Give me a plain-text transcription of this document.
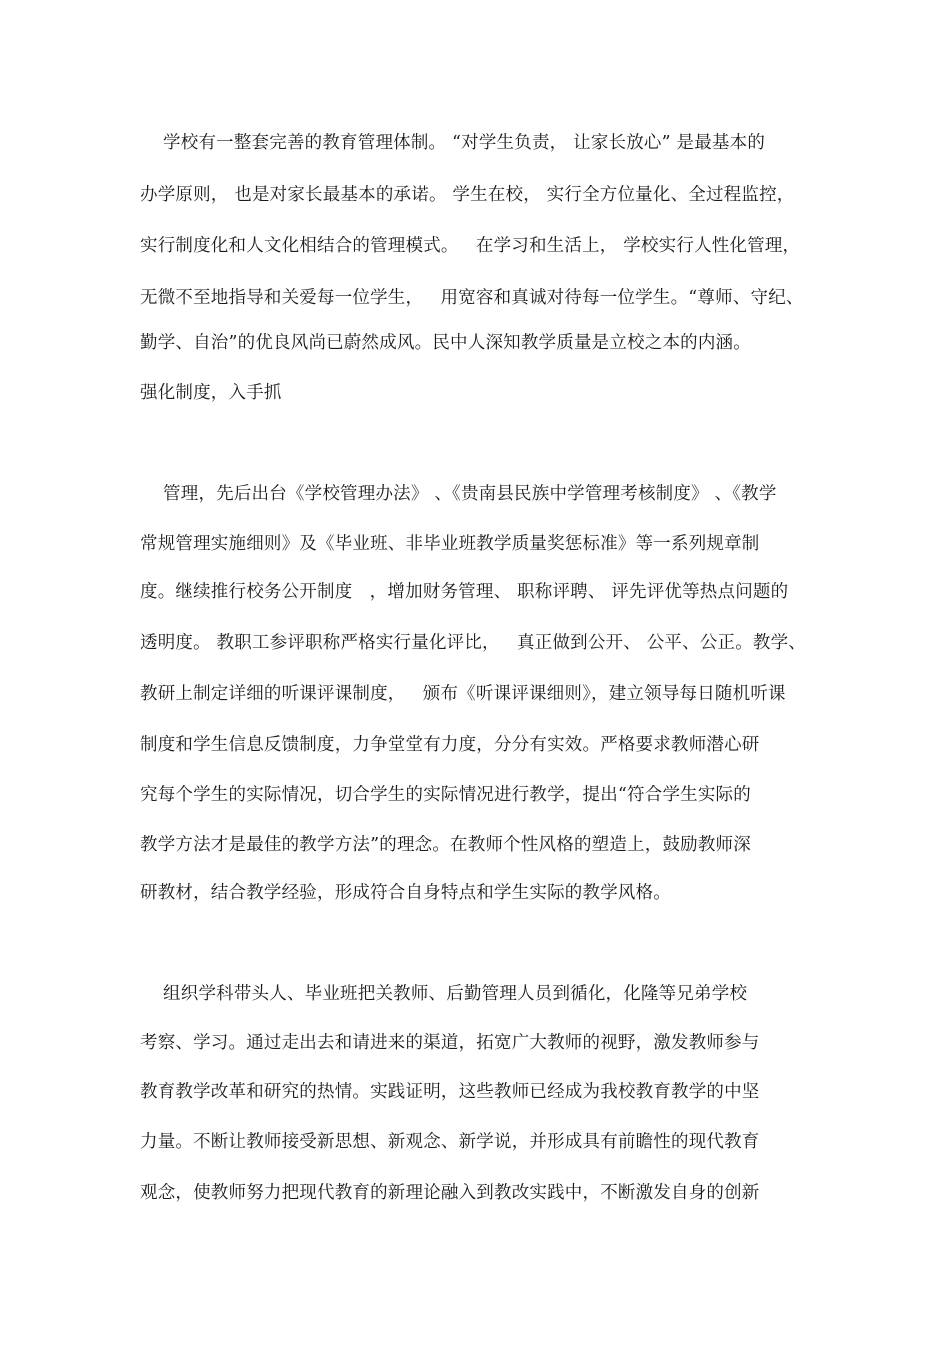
学校有一整套完善的教育管理体制。 “对学生负责， 让家长放心” 是最基本的
办学原则， 也是对家长最基本的承诺。 学生在校， 实行全方位量化、全过程监控，
实行制度化和人文化相结合的管理模式。   在学习和生活上， 学校实行人性化管理，
无微不至地指导和关爱每一位学生，   用宽容和真诚对待每一位学生。“尊师、守纪、
勤学、自治”的优良风尚已蔚然成风。民中人深知教学质量是立校之本的内涵。
强化制度，入手抓
管理，先后出台《学校管理办法》 、《贵南县民族中学管理考核制度》 、《教学
常规管理实施细则》及《毕业班、非毕业班教学质量奖惩标准》等一系列规章制
度。继续推行校务公开制度   ，增加财务管理、 职称评聘、 评先评优等热点问题的
透明度。 教职工参评职称严格实行量化评比，   真正做到公开、 公平、公正。教学、
教研上制定详细的听课评课制度，   颁布《听课评课细则》，建立领导每日随机听课
制度和学生信息反馈制度，力争堂堂有力度，分分有实效。严格要求教师潜心研
究每个学生的实际情况，切合学生的实际情况进行教学，提出“符合学生实际的
教学方法才是最佳的教学方法”的理念。在教师个性风格的塑造上，鼓励教师深
研教材，结合教学经验，形成符合自身特点和学生实际的教学风格。
组织学科带头人、毕业班把关教师、后勤管理人员到循化，化隆等兄弟学校
考察、学习。通过走出去和请进来的渠道，拓宽广大教师的视野，激发教师参与
教育教学改革和研究的热情。实践证明，这些教师已经成为我校教育教学的中坚
力量。不断让教师接受新思想、新观念、新学说，并形成具有前瞻性的现代教育
观念，使教师努力把现代教育的新理论融入到教改实践中，不断激发自身的创新
